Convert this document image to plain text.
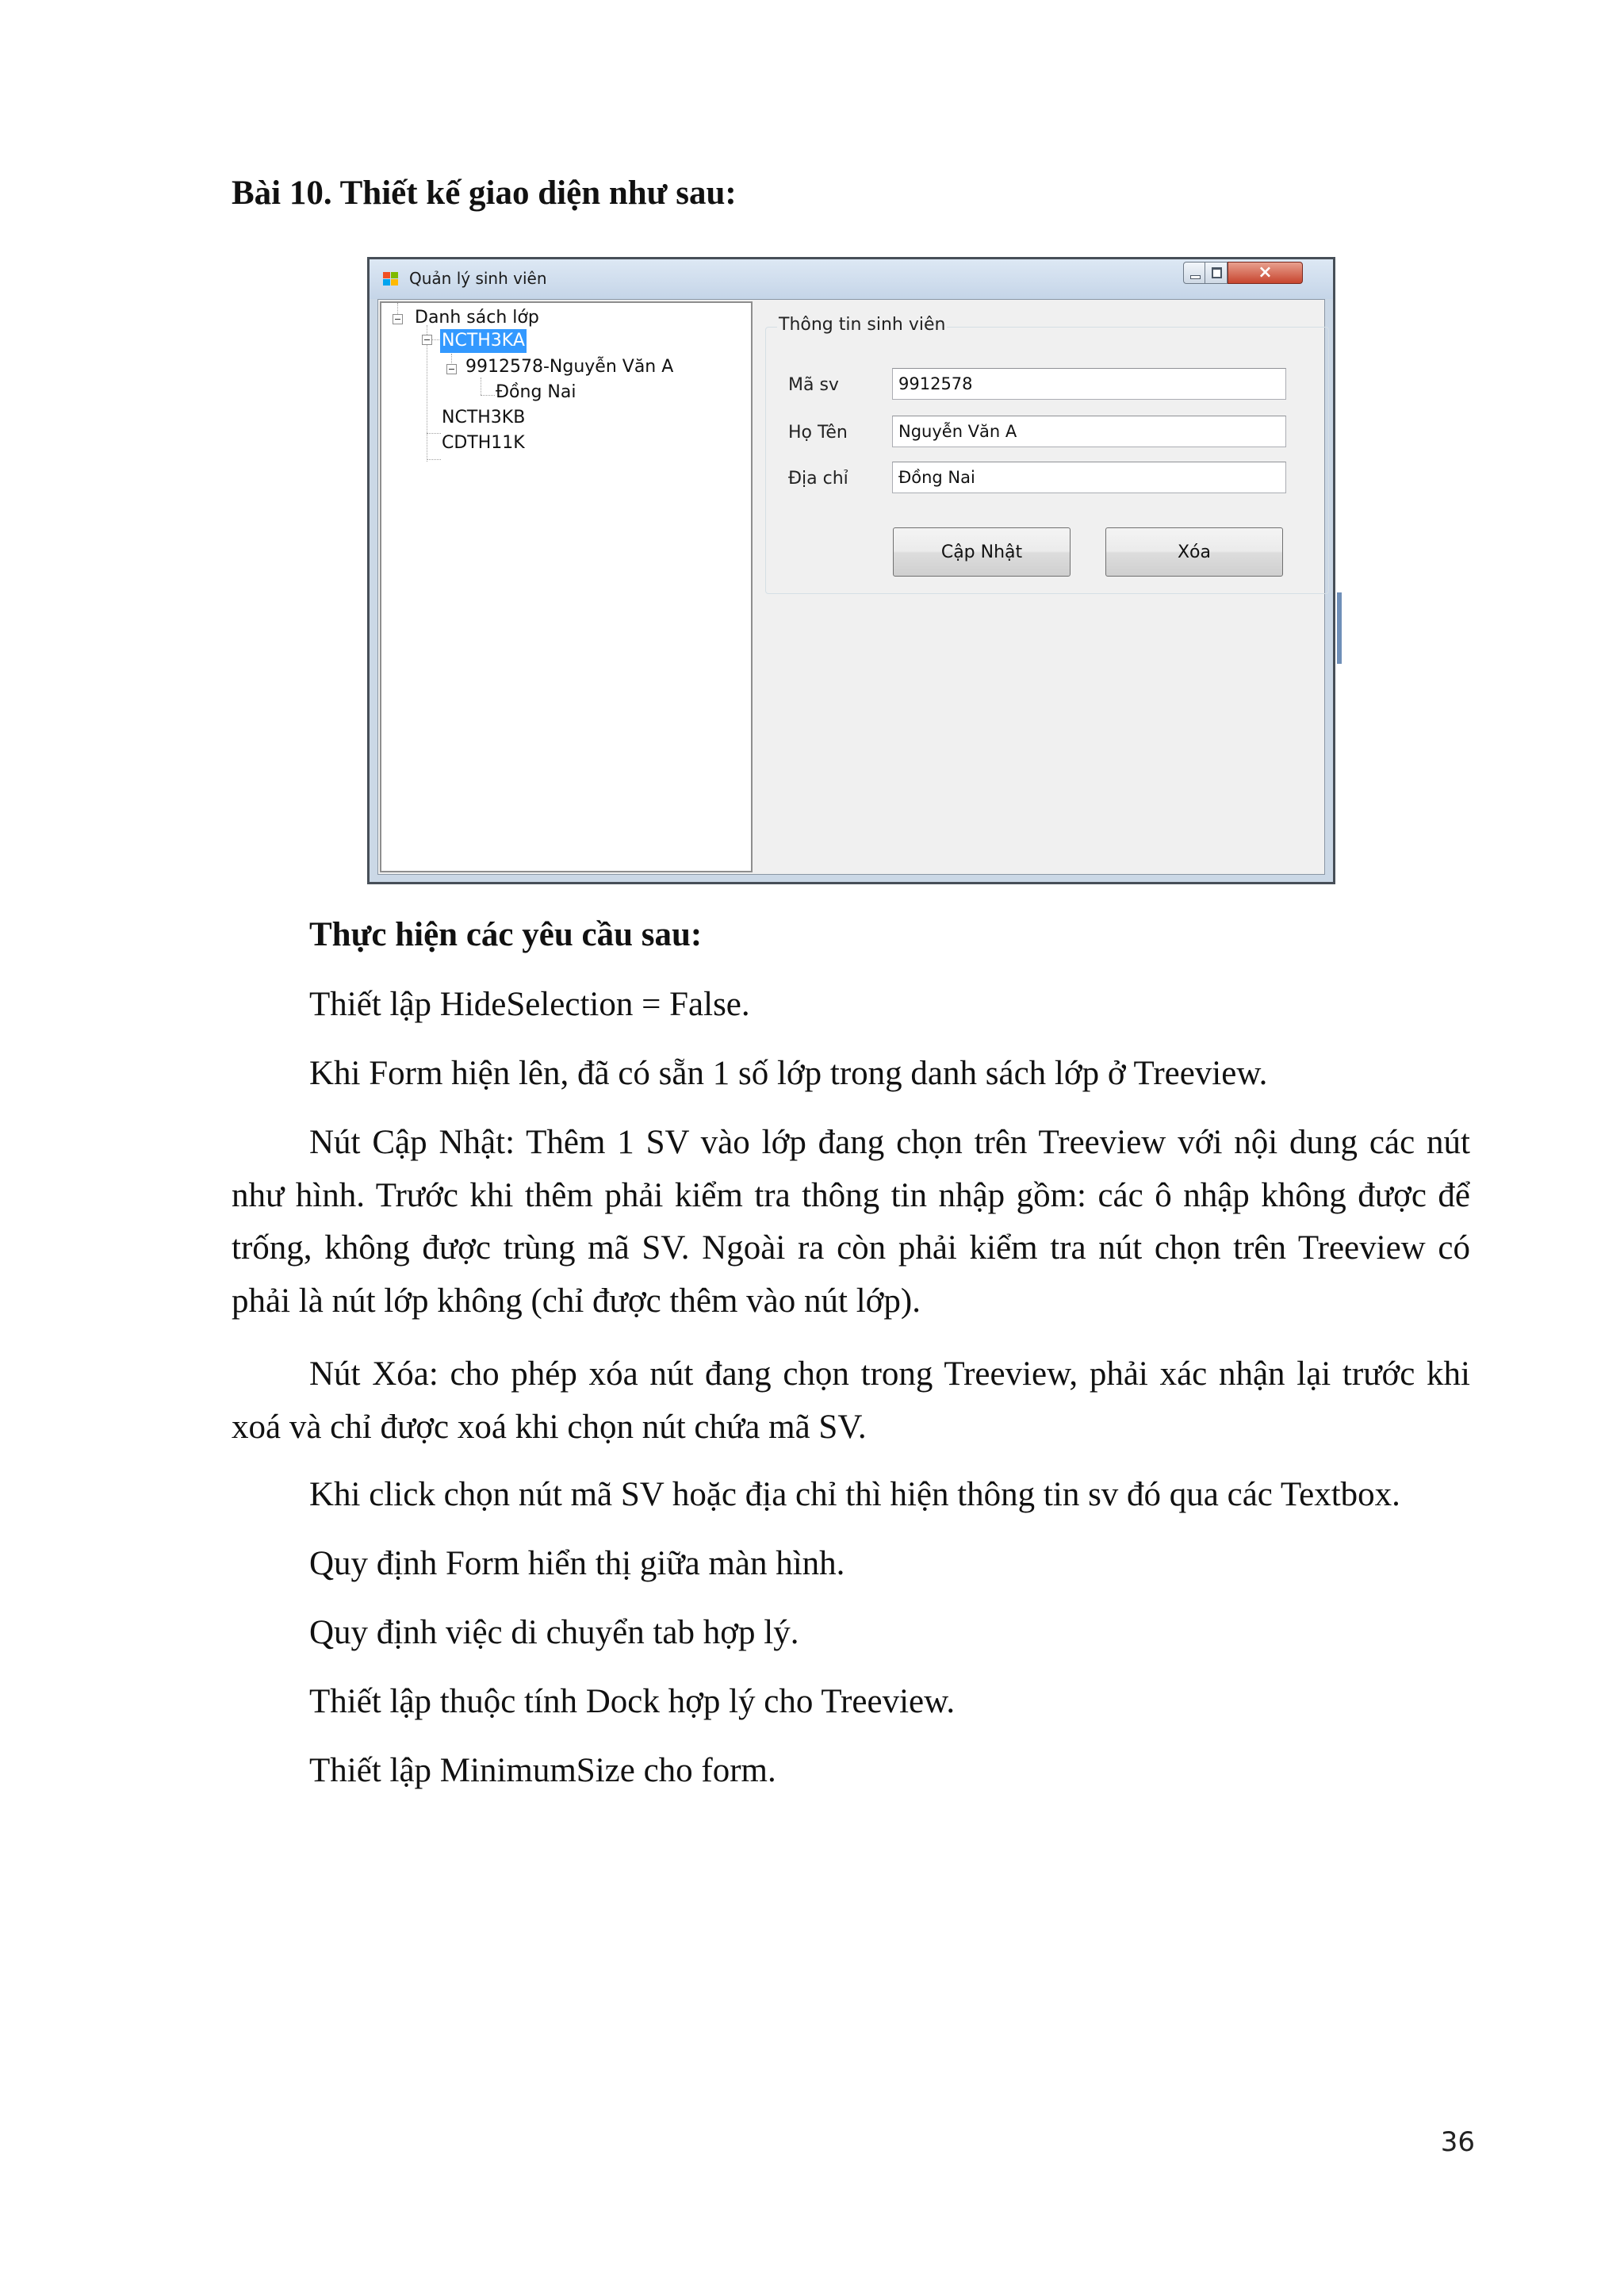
Bài 10. Thiết kế giao diện như sau:
Quản lý sinh viên	×
Danh sách lớp
NCTH3KA
9912578-Nguyễn Văn A
Đồng Nai
NCTH3KB
CDTH11K
Thông tin sinh viên
Mã sv
9912578
Họ Tên
Nguyễn Văn A
Địa chỉ
Đồng Nai
Cập Nhật	Xóa

Thực hiện các yêu cầu sau:

Thiết lập HideSelection = False.

Khi Form hiện lên, đã có sẵn 1 số lớp trong danh sách lớp ở Treeview.

Nút Cập Nhật: Thêm 1 SV vào lớp đang chọn trên Treeview với nội dung các nút như hình. Trước khi thêm phải kiểm tra thông tin nhập gồm: các ô nhập không được để trống, không được trùng mã SV. Ngoài ra còn phải kiểm tra nút chọn trên Treeview có phải là nút lớp không (chỉ được thêm vào nút lớp).

Nút Xóa: cho phép xóa nút đang chọn trong Treeview, phải xác nhận lại trước khi xoá và chỉ được xoá khi chọn nút chứa mã SV.

Khi click chọn nút mã SV hoặc địa chỉ thì hiện thông tin sv đó qua các Textbox.

Quy định Form hiển thị giữa màn hình.

Quy định việc di chuyển tab hợp lý.

Thiết lập thuộc tính Dock hợp lý cho Treeview.

Thiết lập MinimumSize cho form.

36
